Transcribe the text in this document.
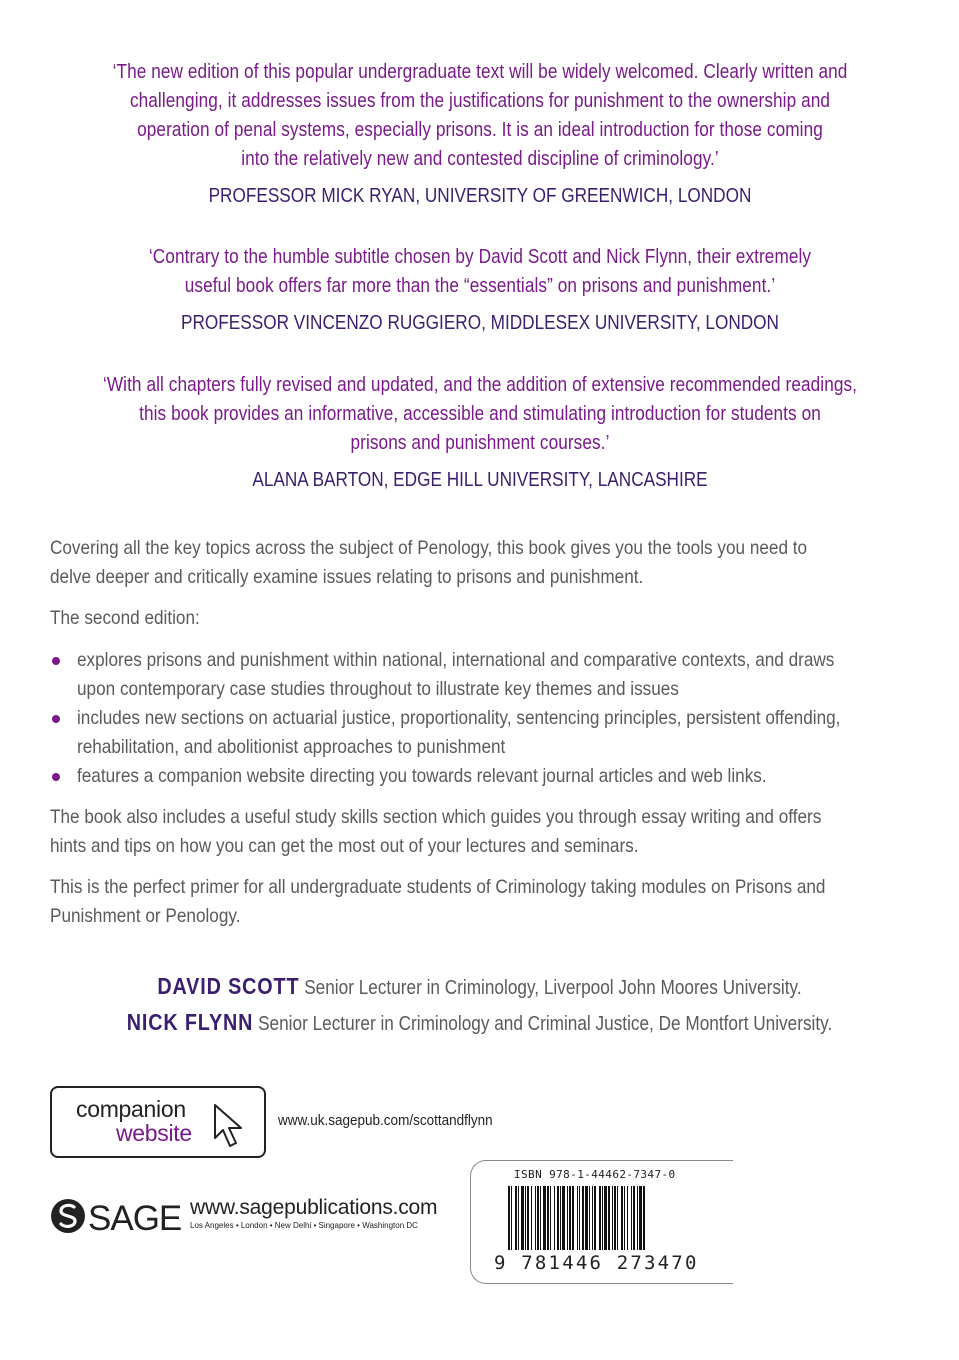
‘The new edition of this popular undergraduate text will be widely welcomed. Clearly written and
challenging, it addresses issues from the justifications for punishment to the ownership and
operation of penal systems, especially prisons. It is an ideal introduction for those coming
into the relatively new and contested discipline of criminology.’
PROFESSOR MICK RYAN, UNIVERSITY OF GREENWICH, LONDON
‘Contrary to the humble subtitle chosen by David Scott and Nick Flynn, their extremely
useful book offers far more than the “essentials” on prisons and punishment.’
PROFESSOR VINCENZO RUGGIERO, MIDDLESEX UNIVERSITY, LONDON
‘With all chapters fully revised and updated, and the addition of extensive recommended readings,
this book provides an informative, accessible and stimulating introduction for students on
prisons and punishment courses.’
ALANA BARTON, EDGE HILL UNIVERSITY, LANCASHIRE

Covering all the key topics across the subject of Penology, this book gives you the tools you need to

delve deeper and critically examine issues relating to prisons and punishment.

The second edition:

explores prisons and punishment within national, international and comparative contexts, and draws
upon contemporary case studies throughout to illustrate key themes and issues
includes new sections on actuarial justice, proportionality, sentencing principles, persistent offending,
rehabilitation, and abolitionist approaches to punishment
features a companion website directing you towards relevant journal articles and web links.

The book also includes a useful study skills section which guides you through essay writing and offers

hints and tips on how you can get the most out of your lectures and seminars.

This is the perfect primer for all undergraduate students of Criminology taking modules on Prisons and

Punishment or Penology.

DAVID SCOTT Senior Lecturer in Criminology, Liverpool John Moores University.
NICK FLYNN Senior Lecturer in Criminology and Criminal Justice, De Montfort University.
companion
website	www.uk.sagepub.com/scottandflynn
SAGE www.sagepublications.com
Los Angeles • London • New Delhi • Singapore • Washington DC
ISBN 978-1-44462-7347-0
9 781446 273470
